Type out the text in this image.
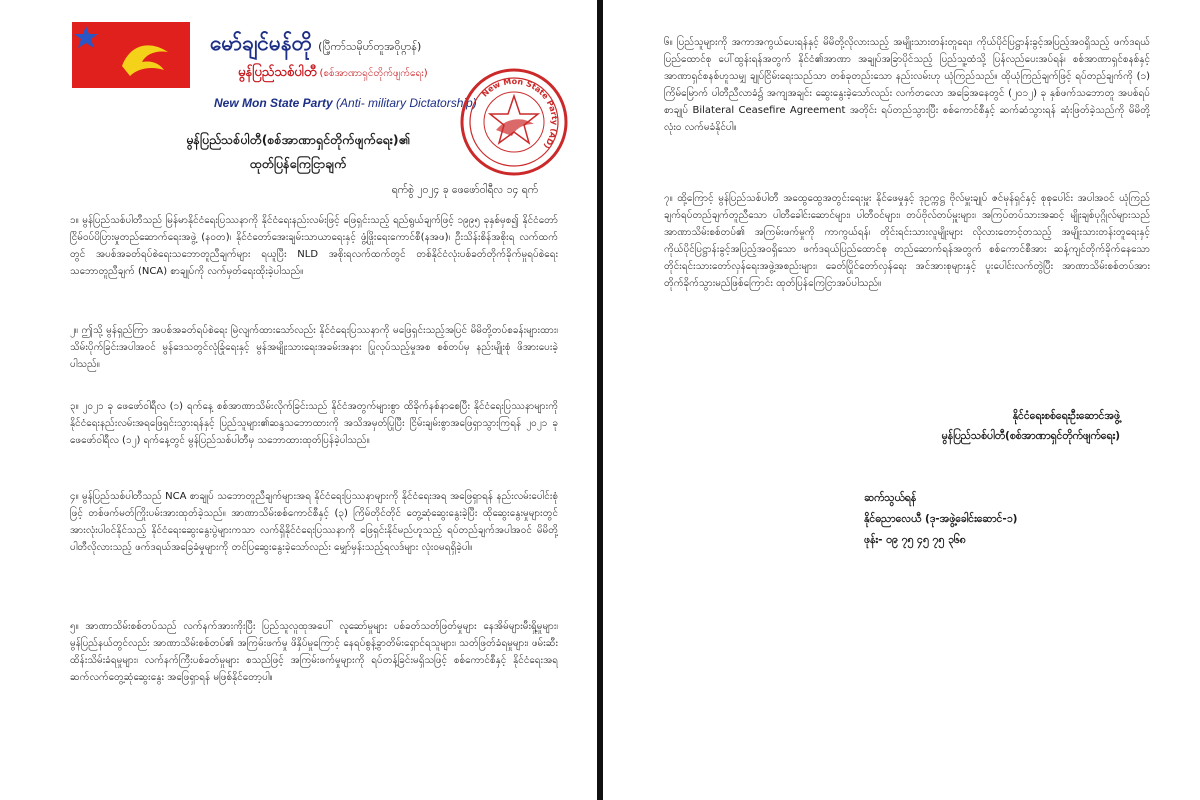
မော်ချင်မန်တို (ပြီ့ကာ်သမိုဟ်တူအဝိုပ္ဂာန်)
မွန်ပြည်သစ်ပါတီ (စစ်အာဏာရှင်တိုက်ဖျက်ရေး)
New Mon State Party (Anti- military Dictatorship)
New Mon State Party (AD)
မွန်ပြည်သစ်ပါတီ(စစ်အာဏာရှင်တိုက်ဖျက်ရေး)၏
ထုတ်ပြန်ကြေငြာချက်
ရက်စွဲ ၂၀၂၄ ခု ဖေဖော်ဝါရီလ ၁၄ ရက်
၁။ မွန်ပြည်သစ်ပါတီသည် မြန်မာနိုင်ငံရေးပြဿနာကို နိုင်ငံရေးနည်းလမ်းဖြင့် ဖြေရှင်းသည့် ရည်ရွယ်ချက်ဖြင့် ၁၉၉၅ ခုနှစ်မှစ၍ နိုင်ငံတော်ငြိမ်ဝပ်ပိပြားမှုတည်ဆောက်ရေးအဖွဲ့ (နဝတ)၊ နိုင်ငံတော်အေးချမ်းသာယာရေးနှင့် ဖွံ့ဖြိုးရေးကောင်စီ(နအဖ)၊ ဦးသိန်းစိန်အစိုးရ လက်ထက်တွင် အပစ်အခတ်ရပ်စဲရေးသဘောတူညီချက်များ ရယူပြီး NLD အစိုးရလက်ထက်တွင် တစ်နိုင်ငံလုံးပစ်ခတ်တိုက်ခိုက်မှုရပ်စဲရေးသဘောတူညီချက် (NCA) စာချုပ်ကို လက်မှတ်ရေးထိုးခဲ့ပါသည်။
၂။ ဤသို့ မွန်ရှည်ကြာ အပစ်အခတ်ရပ်စဲရေး မြဲလျက်ထားသော်လည်း နိုင်ငံရေးပြဿနာကို မဖြေရှင်းသည့်အပြင် မိမိတို့တပ်စခန်းများထား၊ သိမ်းပိုက်ခြင်းအပါအဝင် မွန်ဒေသတွင်လုံခြုံရေးနှင့် မွန်အမျိုးသားရေးအခမ်းအနား ပြုလုပ်သည့်မှုအစ စစ်တပ်မှ နည်းမျိုးစုံ ဖိအားပေးခဲ့ပါသည်။
၃။ ၂၀၂၁ ခု ဖေဖော်ဝါရီလ (၁) ရက်နေ့ စစ်အာဏာသိမ်းလိုက်ခြင်းသည် နိုင်ငံအတွက်များစွာ ထိခိုက်နစ်နာစေပြီး နိုင်ငံရေးပြဿနာများကို နိုင်ငံရေးနည်းလမ်းအရဖြေရှင်းသွားရန်နှင့် ပြည်သူများ၏ဆန္ဒသဘောထားကို အသိအမှတ်ပြုပြီး ငြိမ်းချမ်းစွာအဖြေရှာသွားကြရန် ၂၀၂၁ ခု ဖေဖော်ဝါရီလ (၁၂) ရက်နေ့တွင် မွန်ပြည်သစ်ပါတီမှ သဘောထားထုတ်ပြန်ခဲ့ပါသည်။
၄။ မွန်ပြည်သစ်ပါတီသည် NCA စာချုပ် သဘောတူညီချက်များအရ နိုင်ငံရေးပြဿနာများကို နိုင်ငံရေးအရ အဖြေရှာရန် နည်းလမ်းပေါင်းစုံဖြင့် တစ်ဖက်မတ်ကြိုးပမ်းအားထုတ်ခဲ့သည်။ အာဏာသိမ်းစစ်ကောင်စီနှင့် (၃) ကြိမ်တိုင်တိုင် တွေ့ဆုံဆွေးနွေးခဲ့ပြီး ထိုဆွေးနွေးမှုများတွင် အားလုံးပါဝင်နိုင်သည့် နိုင်ငံရေးဆွေးနွေးပွဲများကသာ လက်ရှိနိုင်ငံရေးပြဿနာကို ဖြေရှင်းနိုင်မည်ဟူသည့် ရပ်တည်ချက်အပါအဝင် မိမိတို့ပါတီလိုလားသည့် ဖက်ဒရယ်အခြေခံမှုများကို တင်ပြဆွေးနွေးခဲ့သော်လည်း မျှော်မှန်းသည့်ရလဒ်များ လုံးဝမရရှိခဲ့ပါ။
၅။ အာဏာသိမ်းစစ်တပ်သည် လက်နက်အားကိုးပြီး ပြည်သူလူထုအပေါ် လူဆော်မှုများ ပစ်ခတ်သတ်ဖြတ်မှုများ နေအိမ်များမီးရှို့မှုများ၊ မွန်ပြည်နယ်တွင်လည်း အာဏာသိမ်းစစ်တပ်၏ အကြမ်းဖက်မှု ဖိနှိပ်မှုကြောင့် နေရပ်စွန့်ခွာတိမ်းရှောင်ရသူများ၊ သတ်ဖြတ်ခံရမှုများ၊ ဖမ်းဆီးထိန်းသိမ်းခံရမှုများ၊ လက်နက်ကြီးပစ်ခတ်မှုများ စသည်ဖြင့် အကြမ်းဖက်မှုများကို ရပ်တန့်ခြင်းမရှိသဖြင့် စစ်ကောင်စီနှင့် နိုင်ငံရေးအရ ဆက်လက်တွေ့ဆုံဆွေးနွေး အဖြေရှာရန် မဖြစ်နိုင်တော့ပါ။
၆။ ပြည်သူများကို အကာအကွယ်ပေးရန်နှင့် မိမိတို့လိုလားသည့် အမျိုးသားတန်းတူရေး၊ ကိုယ်ပိုင်ပြဋ္ဌာန်းခွင့်အပြည့်အဝရှိသည့် ဖက်ဒရယ်ပြည်ထောင်စု ပေါ်ထွန်းရန်အတွက် နိုင်ငံ၏အာဏာ အချုပ်အခြာပိုင်သည့် ပြည်သူ့ထံသို့ ပြန်လည်ပေးအပ်ရန်၊ စစ်အာဏာရှင်စနစ်နှင့် အာဏာရှင်စနစ်ဟူသမျှ ချုပ်ငြိမ်းရေးသည်သာ တစ်ခုတည်းသော နည်းလမ်းဟု ယုံကြည်သည်။ ထိုယုံကြည်ချက်ဖြင့် ရပ်တည်ချက်ကို (၁) ကြိမ်မြောက် ပါတီညီလာခံ၌ အကျအချင်း ဆွေးနွေးခဲ့သော်လည်း လက်တလော အခြေအနေတွင် (၂၀၁၂) ခု နှစ်ဖက်သဘောတူ အပစ်ရပ်စာချုပ် Bilateral Ceasefire Agreement အတိုင်း ရပ်တည်သွားပြီး စစ်ကောင်စီနှင့် ဆက်ဆံသွားရန် ဆုံးဖြတ်ခဲ့သည်ကို မိမိတို့ လုံးဝ လက်မခံနိုင်ပါ။
၇။ ထို့ကြောင့် မွန်ပြည်သစ်ပါတီ အထွေထွေအတွင်းရေးမှူး နိုင်ဖေမှုနှင့် ဒုဥက္ကဋ္ဌ ဗိုလ်မှူးချုပ် ဇင်မုန်ရှင်နှင့် စုစုပေါင်း အပါအဝင် ယုံကြည်ချက်ရပ်တည်ချက်တူညီသော ပါတီခေါင်းဆောင်များ၊ ပါတီဝင်များ၊ တပ်ဗိုလ်တပ်မှူးများ၊ အကြပ်တပ်သားအဆင့် မျိုးချစ်ပုဂ္ဂိုလ်များသည် အာဏာသိမ်းစစ်တပ်၏ အကြမ်းဖက်မှုကို ကာကွယ်ရန်၊ တိုင်းရင်းသားလူမျိုးများ လိုလားတောင့်တသည့် အမျိုးသားတန်းတူရေးနှင့် ကိုယ်ပိုင်ပြဋ္ဌာန်းခွင့်အပြည့်အဝရှိသော ဖက်ဒရယ်ပြည်ထောင်စု တည်ဆောက်ရန်အတွက် စစ်ကောင်စီအား ဆန့်ကျင်တိုက်ခိုက်နေသော တိုင်းရင်းသားတော်လှန်ရေးအဖွဲ့အစည်းများ၊ ခေတ်ပြိုင်တော်လှန်ရေး အင်အားစုများနှင့် ပူးပေါင်းလက်တွဲပြီး အာဏာသိမ်းစစ်တပ်အား တိုက်ခိုက်သွားမည်ဖြစ်ကြောင်း ထုတ်ပြန်ကြေငြာအပ်ပါသည်။
နိုင်ငံရေးစစ်ရေးဦးဆောင်အဖွဲ့
မွန်ပြည်သစ်ပါတီ(စစ်အာဏာရှင်တိုက်ဖျက်ရေး)
ဆက်သွယ်ရန်
နိုင်ဓညာလေယီ (ဒု-အဖွဲ့ခေါင်းဆောင်-၁)
ဖုန်း- ၀၉ ၇၅ ၄၅ ၇၅ ၃၆၈
